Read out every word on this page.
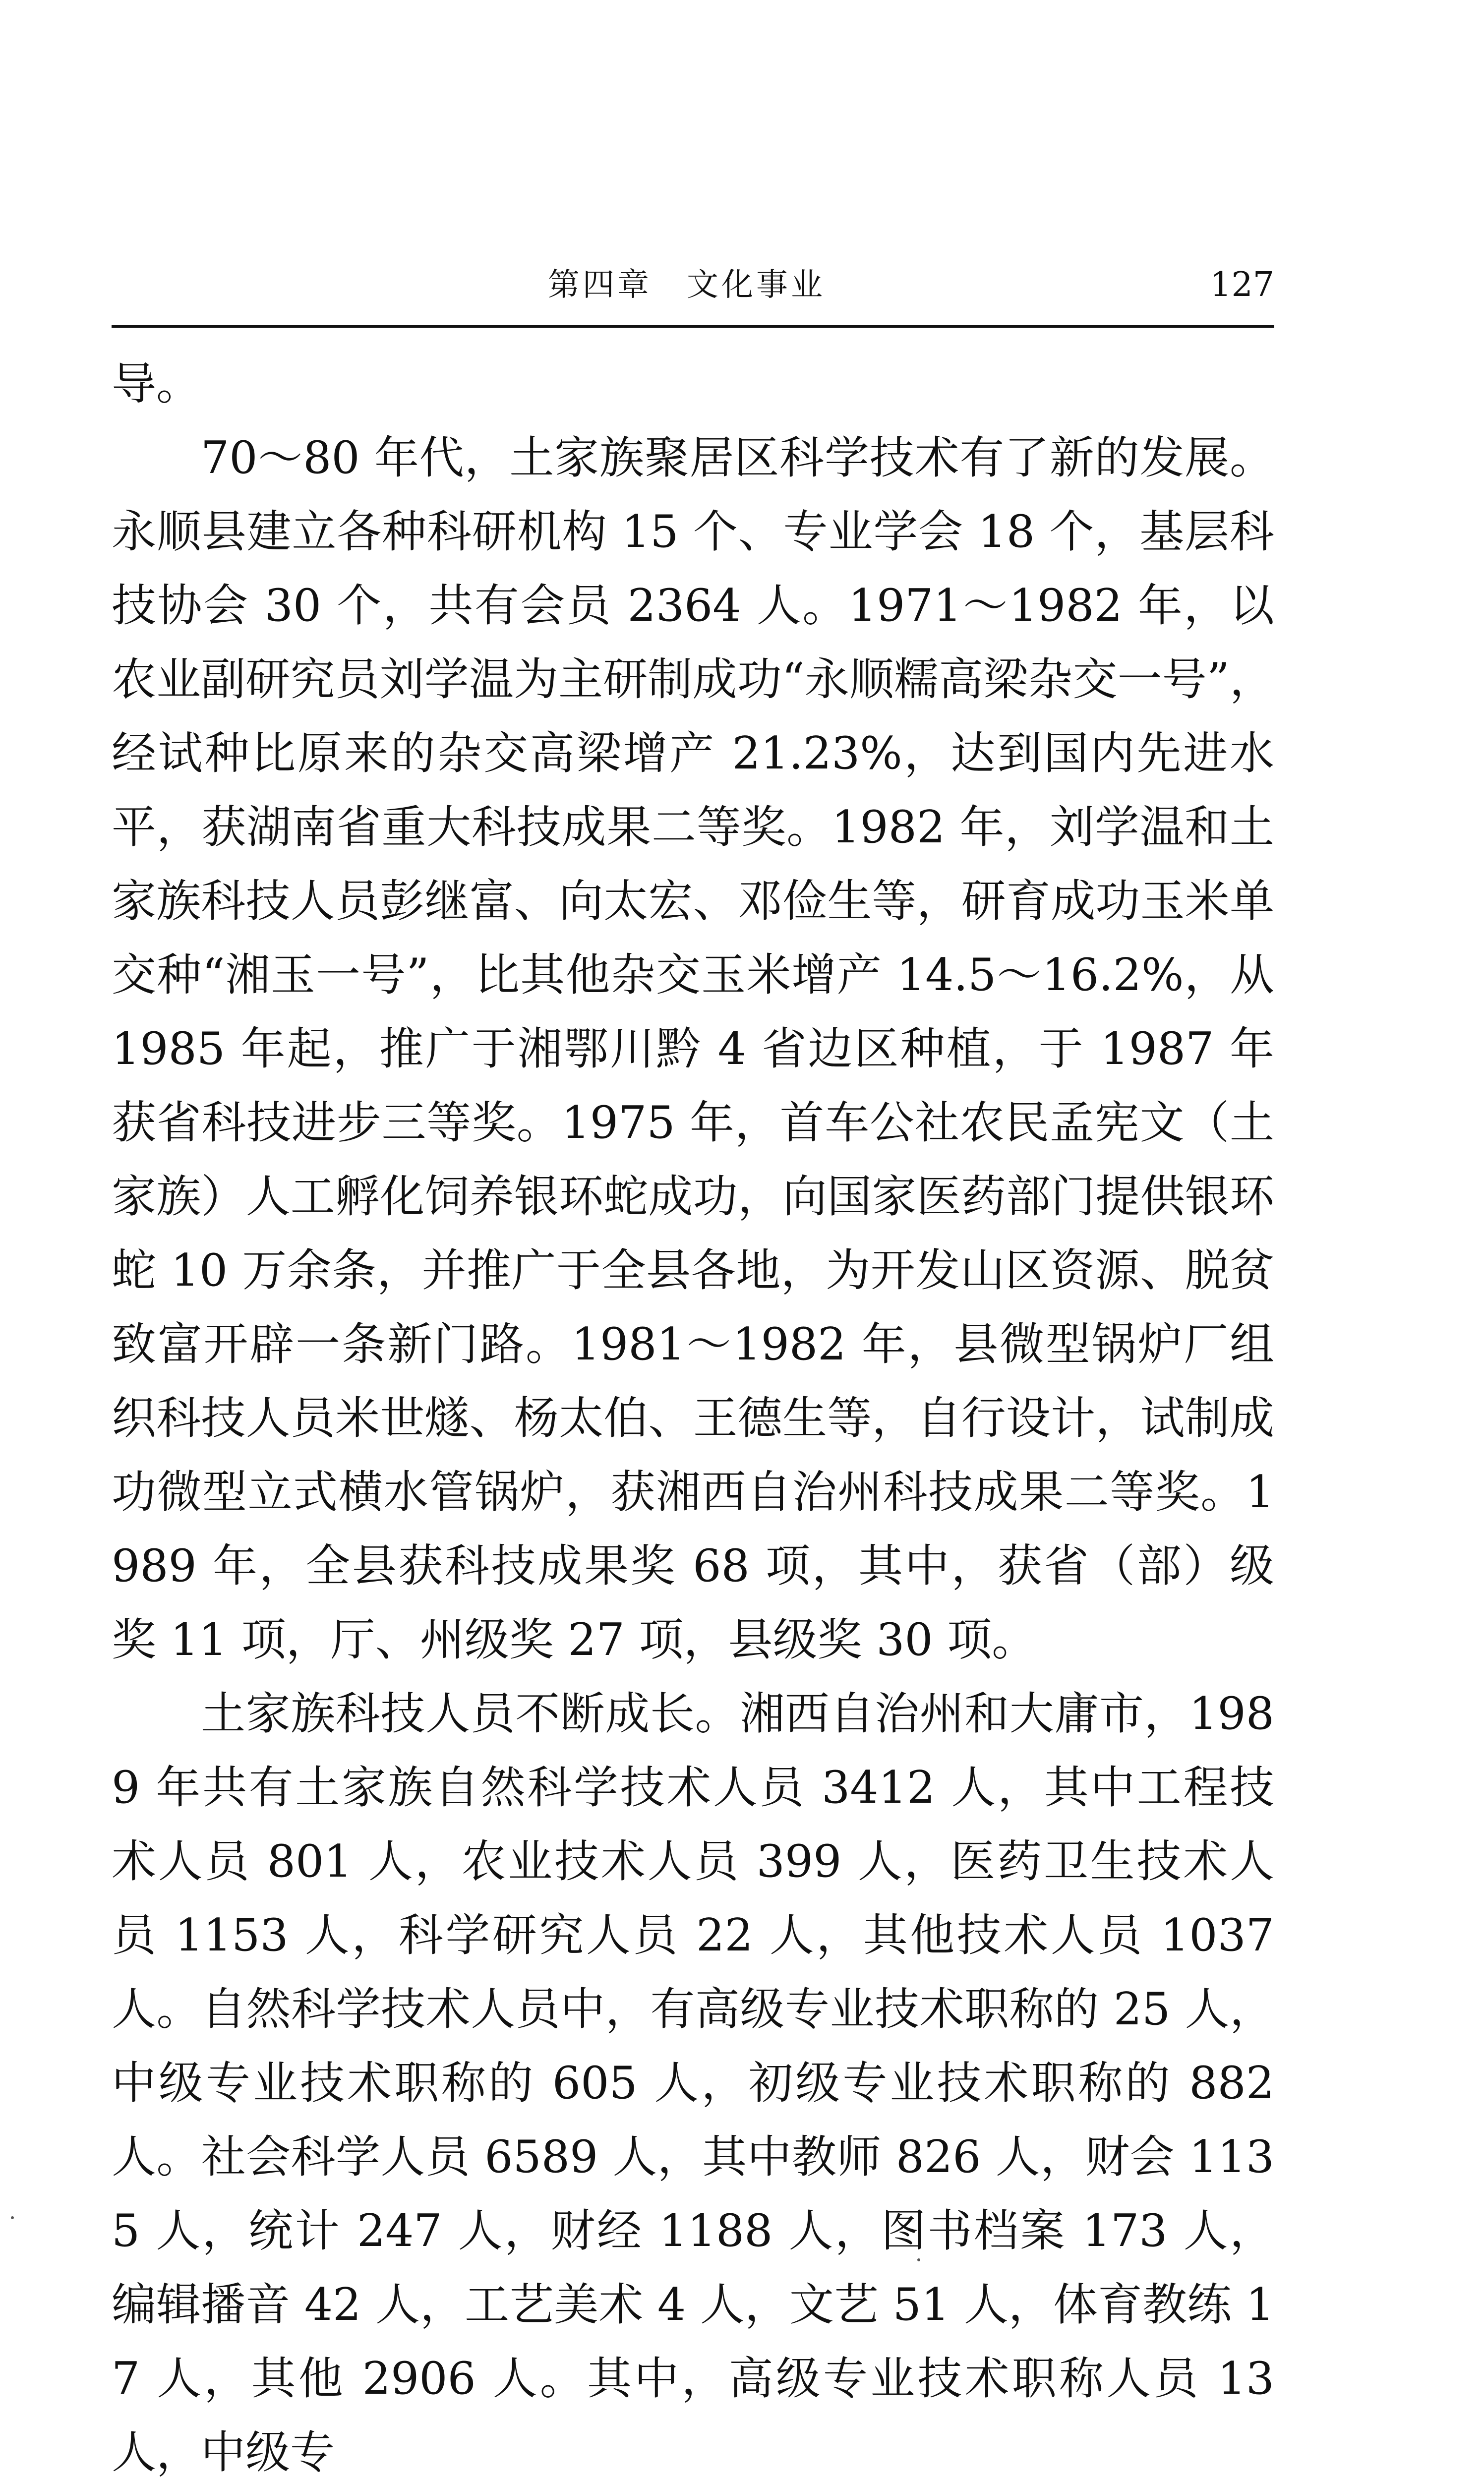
第四章　文化事业	127

导。

70～80 年代，土家族聚居区科学技术有了新的发展。永顺县建立各种科研机构 15 个、专业学会 18 个，基层科技协会 30 个，共有会员 2364 人。1971～1982 年，以农业副研究员刘学温为主研制成功“永顺糯高梁杂交一号”，经试种比原来的杂交高梁增产 21.23%，达到国内先进水平，获湖南省重大科技成果二等奖。1982 年，刘学温和土家族科技人员彭继富、向太宏、邓俭生等，研育成功玉米单交种“湘玉一号”，比其他杂交玉米增产 14.5～16.2%，从 1985 年起，推广于湘鄂川黔 4 省边区种植，于 1987 年获省科技进步三等奖。1975 年，首车公社农民孟宪文（土家族）人工孵化饲养银环蛇成功，向国家医药部门提供银环蛇 10 万余条，并推广于全县各地，为开发山区资源、脱贫致富开辟一条新门路。1981～1982 年，县微型锅炉厂组织科技人员米世燧、杨太伯、王德生等，自行设计，试制成功微型立式横水管锅炉，获湘西自治州科技成果二等奖。1989 年，全县获科技成果奖 68 项，其中，获省（部）级奖 11 项，厅、州级奖 27 项，县级奖 30 项。

土家族科技人员不断成长。湘西自治州和大庸市，1989 年共有土家族自然科学技术人员 3412 人，其中工程技术人员 801 人，农业技术人员 399 人，医药卫生技术人员 1153 人，科学研究人员 22 人，其他技术人员 1037 人。自然科学技术人员中，有高级专业技术职称的 25 人，中级专业技术职称的 605 人，初级专业技术职称的 882 人。社会科学人员 6589 人，其中教师 826 人，财会 1135 人，统计 247 人，财经 1188 人，图书档案 173 人，编辑播音 42 人，工艺美术 4 人，文艺 51 人，体育教练 17 人，其他 2906 人。其中，高级专业技术职称人员 13 人，中级专
